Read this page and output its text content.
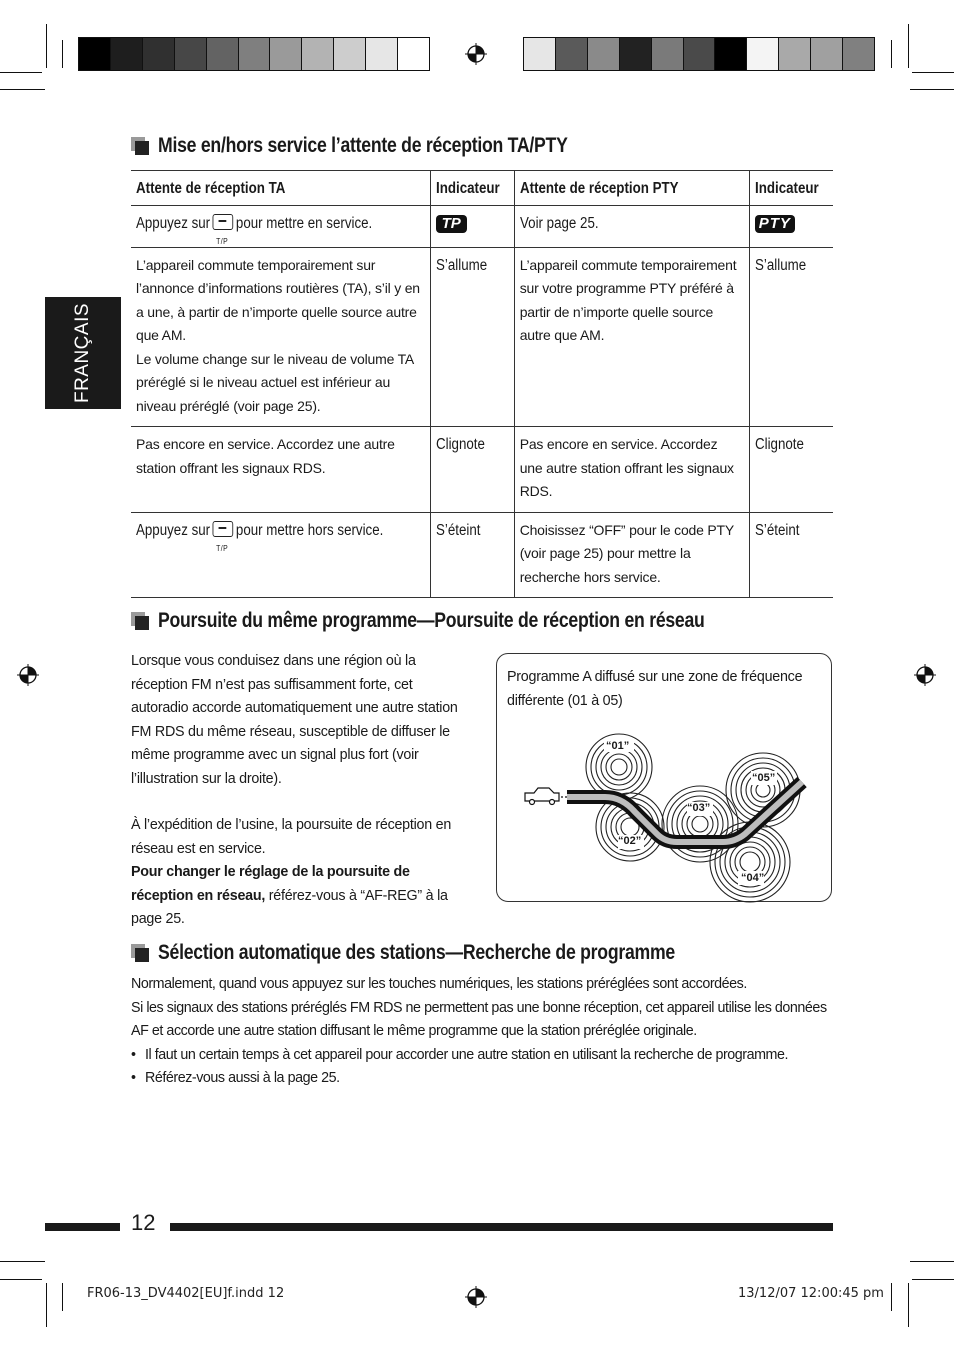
FRANÇAIS
Mise en/hors service l’attente de réception TA/PTY
Attente de réception TA	Indicateur	Attente de réception PTY	Indicateur
Appuyez sur
T/P
pour mettre en service.	TP	Voir page 25.	PTY

L’appareil commute temporairement sur l’annonce d’informations routières (TA), s’il y en a une, à partir de n’importe quelle source autre que AM.
Le volume change sur le niveau de volume TA préréglé si le niveau actuel est inférieur au niveau préréglé (voir page 25).	S’allume	L’appareil commute temporairement sur votre programme PTY préféré à partir de n’importe quelle source autre que AM.	S’allume

Pas encore en service. Accordez une autre station offrant les signaux RDS.	Clignote	Pas encore en service. Accordez une autre station offrant les signaux RDS.	Clignote
Appuyez sur
T/P
pour mettre hors service.	S’éteint	Choisissez “OFF” pour le code PTY (voir page 25) pour mettre la recherche hors service.	S’éteint
Poursuite du même programme—Poursuite de réception en réseau

Lorsque vous conduisez dans une région où la réception FM n’est pas suffisamment forte, cet autoradio accorde automatiquement une autre station FM RDS du même réseau, susceptible de diffuser le même programme avec un signal plus fort (voir l’illustration sur la droite).

À l’expédition de l’usine, la poursuite de réception en réseau est en service.

Pour changer le réglage de la poursuite de réception en réseau, référez-vous à “AF-REG” à la page 25.

Programme A diffusé sur une zone de fréquence différente (01 à 05)
“01”
“02”
“03”
“04”
“05”
Sélection automatique des stations—Recherche de programme

Normalement, quand vous appuyez sur les touches numériques, les stations préréglées sont accordées.

Si les signaux des stations préréglés FM RDS ne permettent pas une bonne réception, cet appareil utilise les données AF et accorde une autre station diffusant le même programme que la station préréglée originale.

• Il faut un certain temps à cet appareil pour accorder une autre station en utilisant la recherche de programme.

• Référez-vous aussi à la page 25.

12
FR06-13_DV4402[EU]f.indd 12	13/12/07 12:00:45 pm
